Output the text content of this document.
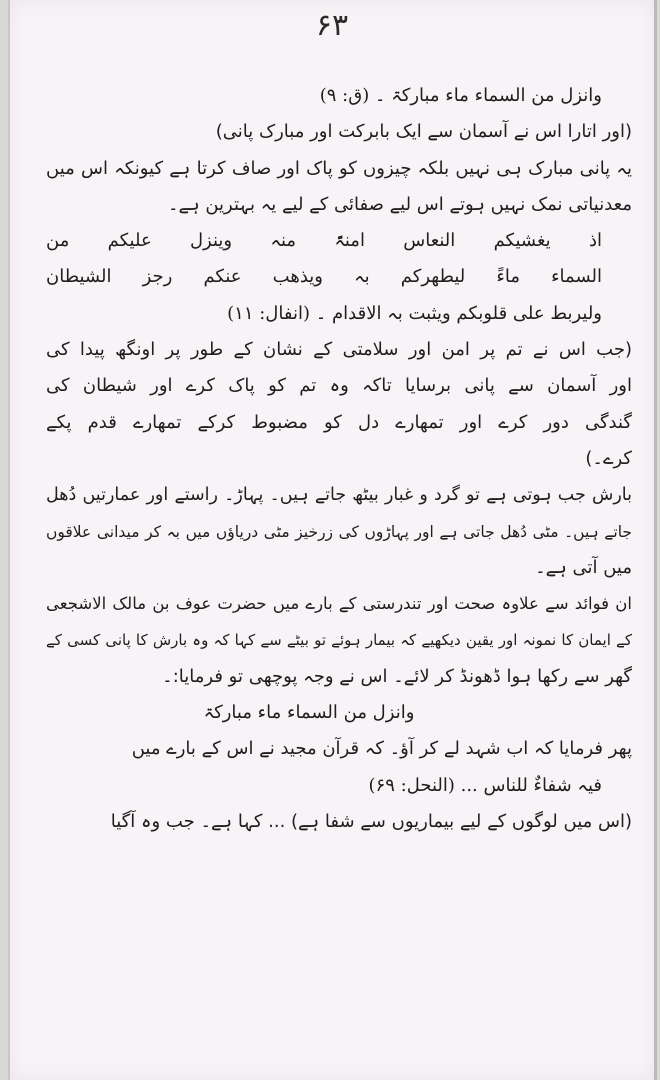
۶۳
وانزل من السماء ماء مبارکۃ ۔ (ق: ۹)
(اور اتارا اس نے آسمان سے ایک بابرکت اور مبارک پانی)
یہ پانی مبارک ہی نہیں بلکہ چیزوں کو پاک اور صاف کرتا ہے کیونکہ اس میں
معدنیاتی نمک نہیں ہوتے اس لیے صفائی کے لیے یہ بہترین ہے۔
اذ یغشیکم النعاس امنۃً منہ وینزل علیکم من
السماء ماءً لیطھرکم بہ ویذھب عنکم رجز الشیطان
ولیربط علی قلوبکم ویثبت بہ الاقدام ۔ (انفال: ۱۱)
(جب اس نے تم پر امن اور سلامتی کے نشان کے طور پر اونگھ پیدا کی
اور آسمان سے پانی برسایا تاکہ وہ تم کو پاک کرے اور شیطان کی
گندگی دور کرے اور تمھارے دل کو مضبوط کرکے تمھارے قدم پکے
کرے۔)
بارش جب ہوتی ہے تو گرد و غبار بیٹھ جاتے ہیں۔ پہاڑ۔ راستے اور عمارتیں دُھل
جاتے ہیں۔ مٹی دُھل جاتی ہے اور پہاڑوں کی زرخیز مٹی دریاؤں میں بہ کر میدانی علاقوں
میں آتی ہے۔
ان فوائد سے علاوہ صحت اور تندرستی کے بارے میں حضرت عوف بن مالک الاشجعی
کے ایمان کا نمونہ اور یقین دیکھیے کہ بیمار ہوئے تو بیٹے سے کہا کہ وہ بارش کا پانی کسی کے
گھر سے رکھا ہوا ڈھونڈ کر لائے۔ اس نے وجہ پوچھی تو فرمایا:۔
وانزل من السماء ماء مبارکۃ
پھر فرمایا کہ اب شہد لے کر آؤ۔ کہ قرآن مجید نے اس کے بارے میں
فیہ شفاءٌ للناس ... (النحل: ۶۹)
(اس میں لوگوں کے لیے بیماریوں سے شفا ہے) ... کہا ہے۔ جب وہ آگیا
